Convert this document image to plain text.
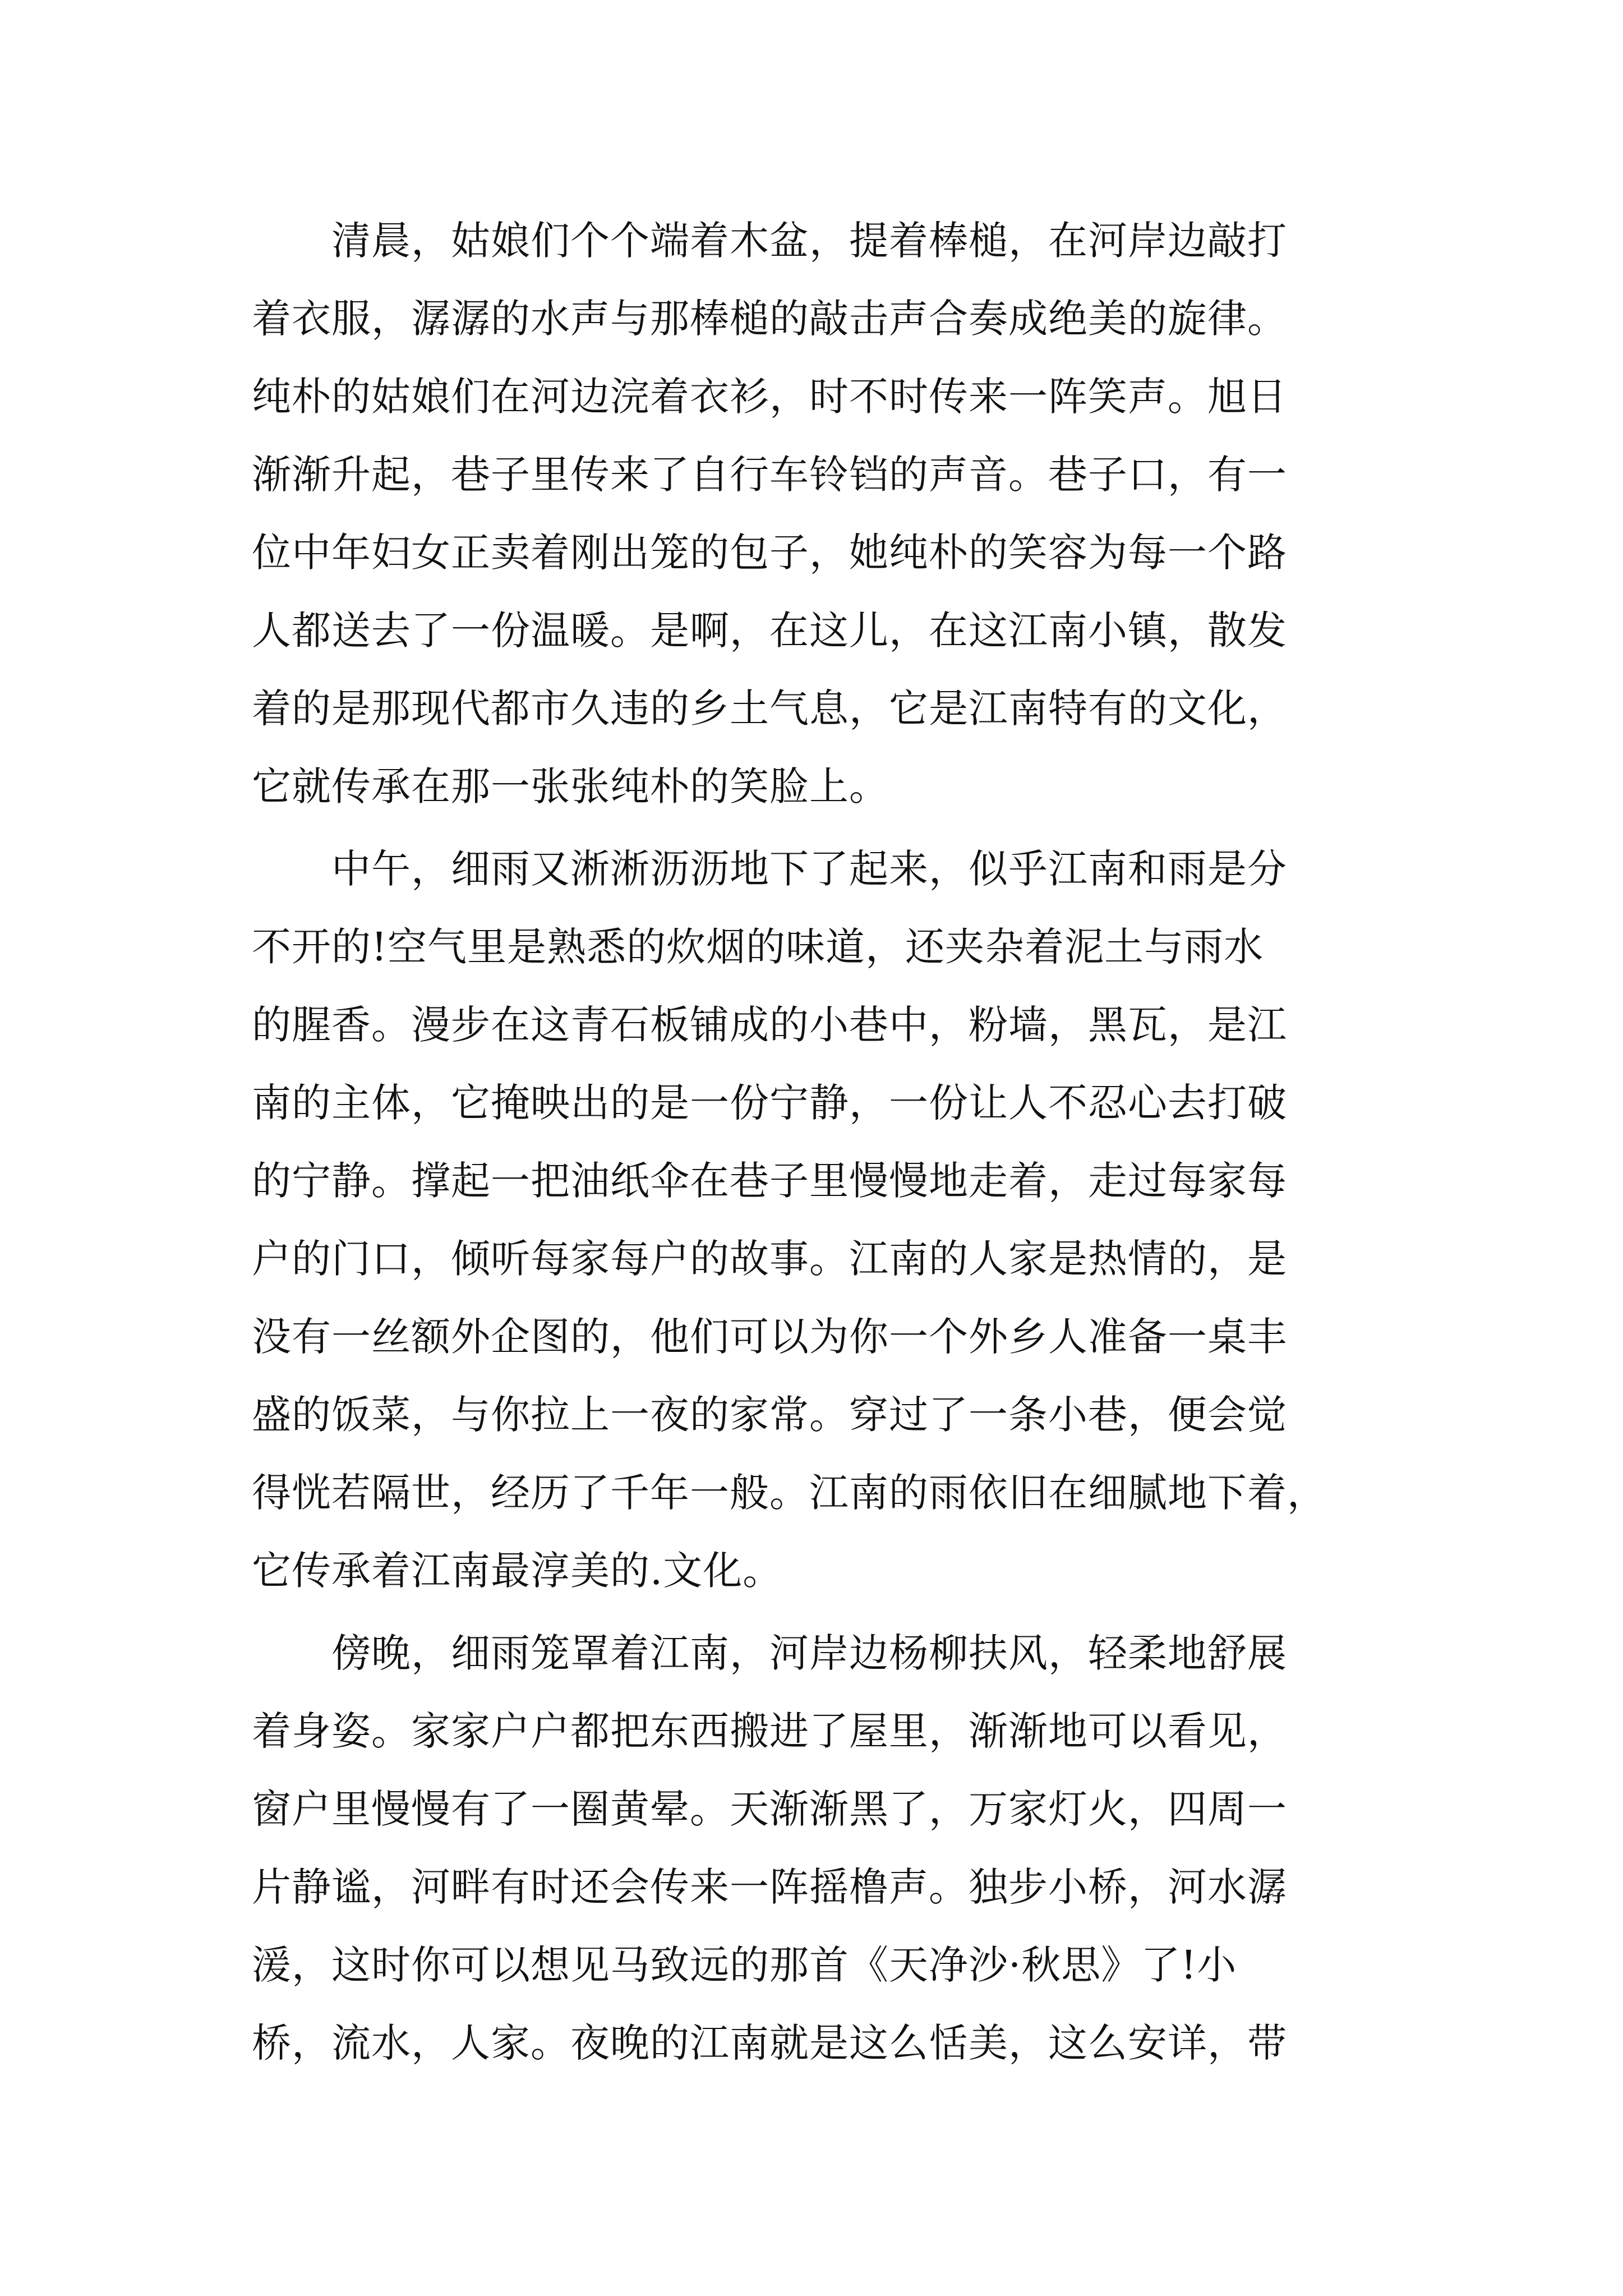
　　清晨，姑娘们个个端着木盆，提着棒槌，在河岸边敲打
着衣服，潺潺的水声与那棒槌的敲击声合奏成绝美的旋律。
纯朴的姑娘们在河边浣着衣衫，时不时传来一阵笑声。旭日
渐渐升起，巷子里传来了自行车铃铛的声音。巷子口，有一
位中年妇女正卖着刚出笼的包子，她纯朴的笑容为每一个路
人都送去了一份温暖。是啊，在这儿，在这江南小镇，散发
着的是那现代都市久违的乡土气息，它是江南特有的文化，
它就传承在那一张张纯朴的笑脸上。
　　中午，细雨又淅淅沥沥地下了起来，似乎江南和雨是分
不开的!空气里是熟悉的炊烟的味道，还夹杂着泥土与雨水
的腥香。漫步在这青石板铺成的小巷中，粉墙，黑瓦，是江
南的主体，它掩映出的是一份宁静，一份让人不忍心去打破
的宁静。撑起一把油纸伞在巷子里慢慢地走着，走过每家每
户的门口，倾听每家每户的故事。江南的人家是热情的，是
没有一丝额外企图的，他们可以为你一个外乡人准备一桌丰
盛的饭菜，与你拉上一夜的家常。穿过了一条小巷，便会觉
得恍若隔世，经历了千年一般。江南的雨依旧在细腻地下着，
它传承着江南最淳美的.文化。
　　傍晚，细雨笼罩着江南，河岸边杨柳扶风，轻柔地舒展
着身姿。家家户户都把东西搬进了屋里，渐渐地可以看见，
窗户里慢慢有了一圈黄晕。天渐渐黑了，万家灯火，四周一
片静谧，河畔有时还会传来一阵摇橹声。独步小桥，河水潺
湲，这时你可以想见马致远的那首《天净沙·秋思》了!小
桥，流水，人家。夜晚的江南就是这么恬美，这么安详，带
